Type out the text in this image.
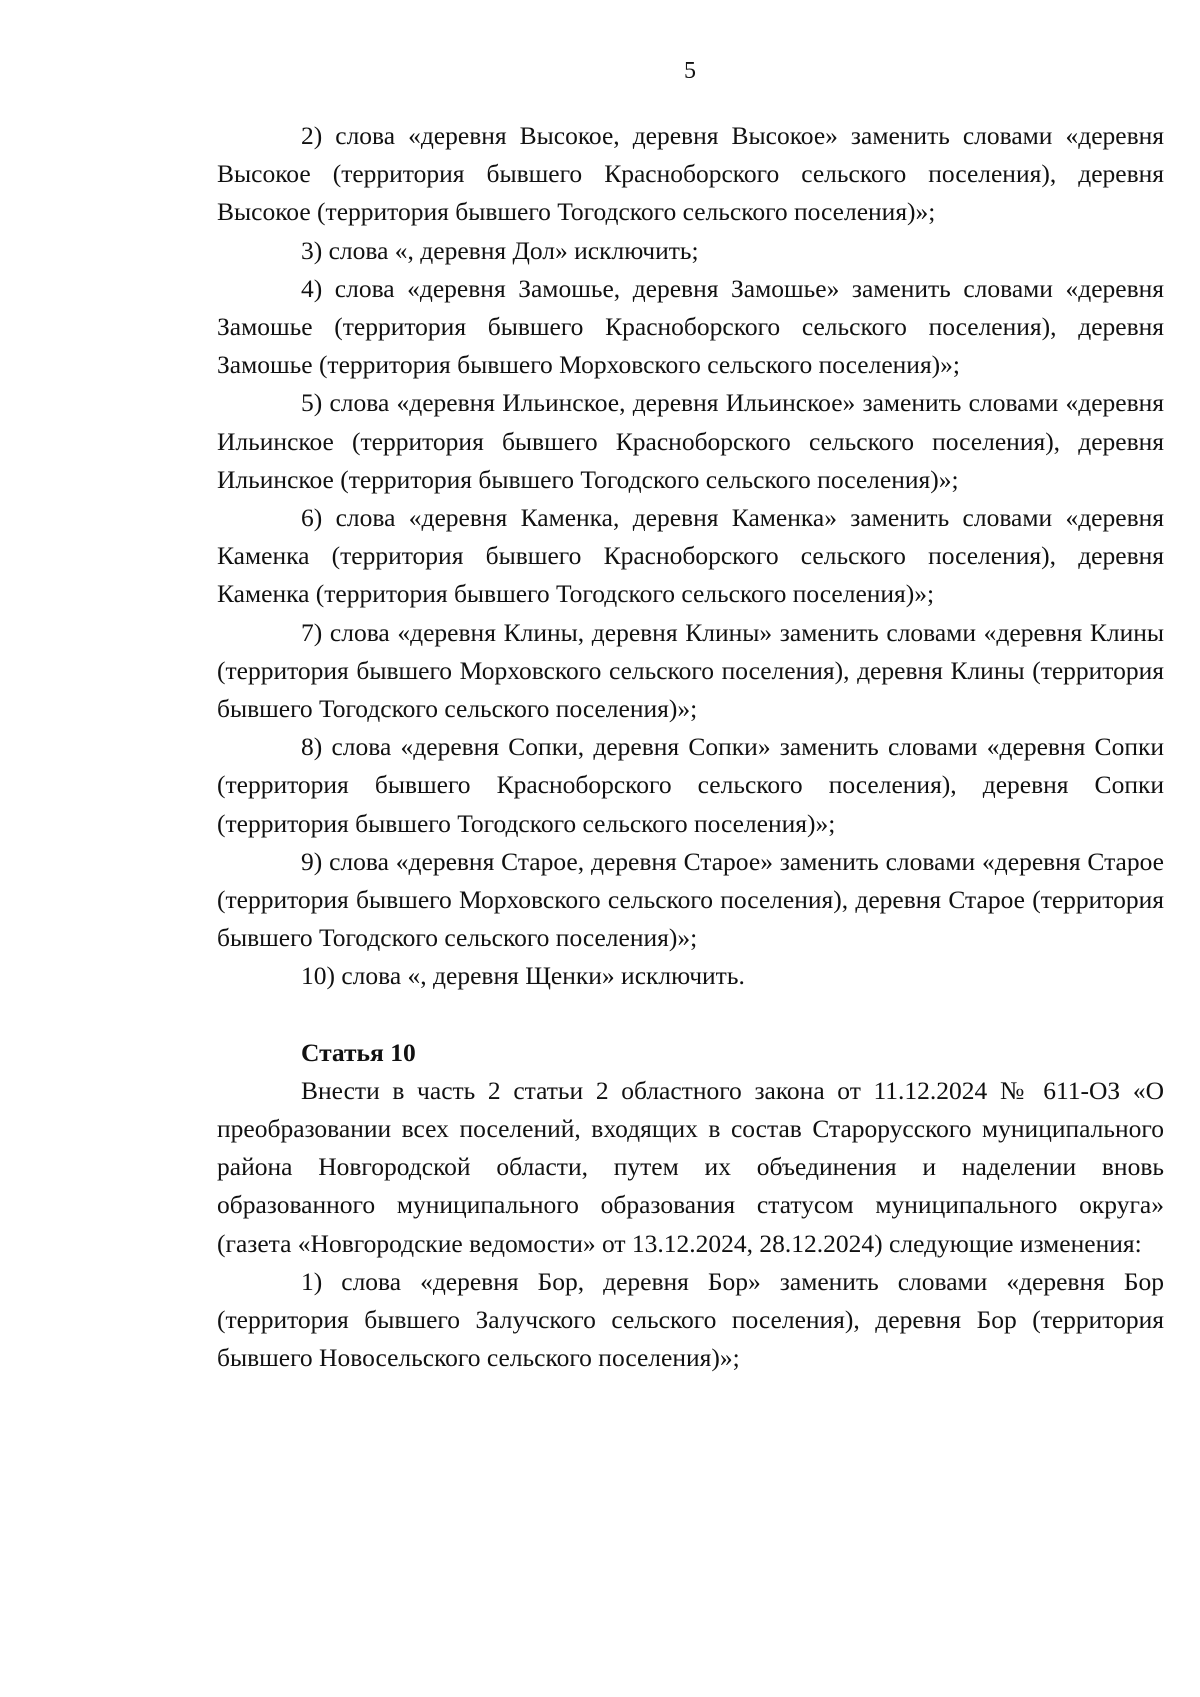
5

2) слова «деревня Высокое, деревня Высокое» заменить словами «деревня Высокое (территория бывшего Красноборского сельского поселения), деревня Высокое (территория бывшего Тогодского сельского поселения)»;

3) слова «, деревня Дол» исключить;

4) слова «деревня Замошье, деревня Замошье» заменить словами «деревня Замошье (территория бывшего Красноборского сельского поселения), деревня Замошье (территория бывшего Морховского сельского поселения)»;

5) слова «деревня Ильинское, деревня Ильинское» заменить словами «деревня Ильинское (территория бывшего Красноборского сельского поселения), деревня Ильинское (территория бывшего Тогодского сельского поселения)»;

6) слова «деревня Каменка, деревня Каменка» заменить словами «деревня Каменка (территория бывшего Красноборского сельского поселения), деревня Каменка (территория бывшего Тогодского сельского поселения)»;

7) слова «деревня Клины, деревня Клины» заменить словами «деревня Клины (территория бывшего Морховского сельского поселения), деревня Клины (территория бывшего Тогодского сельского поселения)»;

8) слова «деревня Сопки, деревня Сопки» заменить словами «деревня Сопки (территория бывшего Красноборского сельского поселения), деревня Сопки (территория бывшего Тогодского сельского поселения)»;

9) слова «деревня Старое, деревня Старое» заменить словами «деревня Старое (территория бывшего Морховского сельского поселения), деревня Старое (территория бывшего Тогодского сельского поселения)»;

10) слова «, деревня Щенки» исключить.

Статья 10

Внести в часть 2 статьи 2 областного закона от 11.12.2024 № 611-ОЗ «О преобразовании всех поселений, входящих в состав Старорусского муниципального района Новгородской области, путем их объединения и наделении вновь образованного муниципального образования статусом муниципального округа» (газета «Новгородские ведомости» от 13.12.2024, 28.12.2024) следующие изменения:

1) слова «деревня Бор, деревня Бор» заменить словами «деревня Бор (территория бывшего Залучского сельского поселения), деревня Бор (территория бывшего Новосельского сельского поселения)»;
